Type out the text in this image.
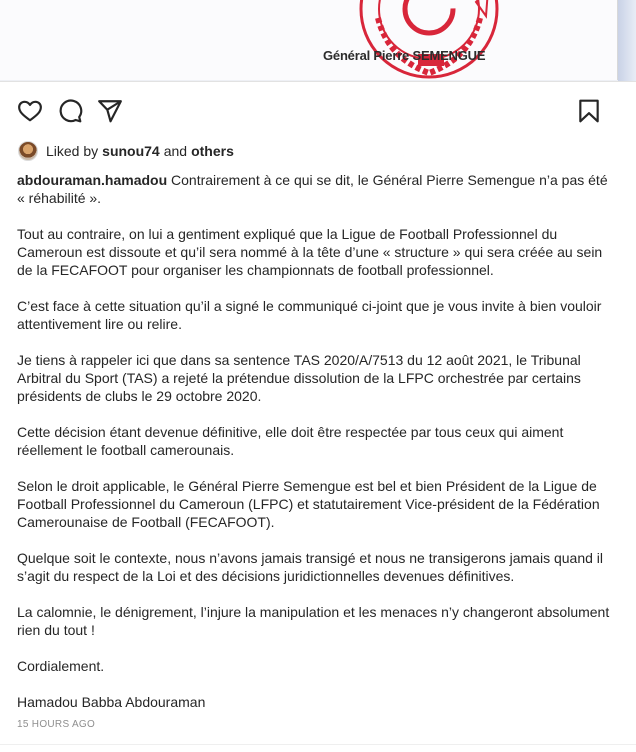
Général Pierre SEMENGUE
Liked by sunou74 and others

abdouraman.hamadou Contrairement à ce qui se dit, le Général Pierre Semengue n’a pas été « réhabilité ».

Tout au contraire, on lui a gentiment expliqué que la Ligue de Football Professionnel du Cameroun est dissoute et qu’il sera nommé à la tête d’une « structure » qui sera créée au sein de la FECAFOOT pour organiser les championnats de football professionnel.

C’est face à cette situation qu’il a signé le communiqué ci-joint que je vous invite à bien vouloir attentivement lire ou relire.

Je tiens à rappeler ici que dans sa sentence TAS 2020/A/7513 du 12 août 2021, le Tribunal Arbitral du Sport (TAS) a rejeté la prétendue dissolution de la LFPC orchestrée par certains présidents de clubs le 29 octobre 2020.

Cette décision étant devenue définitive, elle doit être respectée par tous ceux qui aiment réellement le football camerounais.

Selon le droit applicable, le Général Pierre Semengue est bel et bien Président de la Ligue de Football Professionnel du Cameroun (LFPC) et statutairement Vice-président de la Fédération Camerounaise de Football (FECAFOOT).

Quelque soit le contexte, nous n’avons jamais transigé et nous ne transigerons jamais quand il s’agit du respect de la Loi et des décisions juridictionnelles devenues définitives.

La calomnie, le dénigrement, l’injure la manipulation et les menaces n’y changeront absolument rien du tout !

Cordialement.

Hamadou Babba Abdouraman

15 HOURS AGO
